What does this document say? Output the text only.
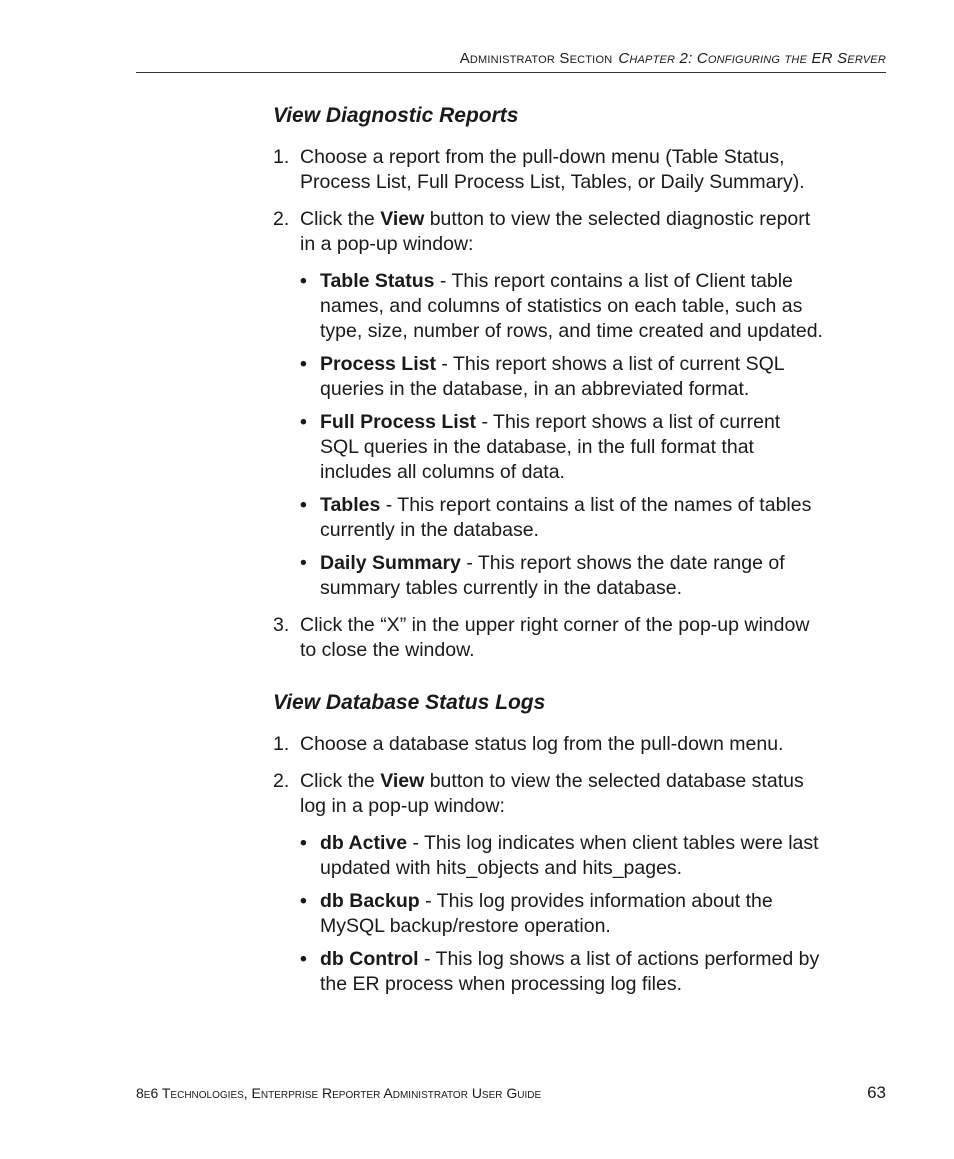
Administrator Section Chapter 2: Configuring the ER Server
View Diagnostic Reports
1. Choose a report from the pull-down menu (Table Status, Process List, Full Process List, Tables, or Daily Summary).
2. Click the View button to view the selected diagnostic report in a pop-up window:
• Table Status - This report contains a list of Client table names, and columns of statistics on each table, such as type, size, number of rows, and time created and updated.
• Process List - This report shows a list of current SQL queries in the database, in an abbreviated format.
• Full Process List - This report shows a list of current SQL queries in the database, in the full format that includes all columns of data.
• Tables - This report contains a list of the names of tables currently in the database.
• Daily Summary - This report shows the date range of summary tables currently in the database.
3. Click the “X” in the upper right corner of the pop-up window to close the window.
View Database Status Logs
1. Choose a database status log from the pull-down menu.
2. Click the View button to view the selected database status log in a pop-up window:
• db Active - This log indicates when client tables were last updated with hits_objects and hits_pages.
• db Backup - This log provides information about the MySQL backup/restore operation.
• db Control - This log shows a list of actions performed by the ER process when processing log files.
8e6 Technologies, Enterprise Reporter Administrator User Guide	63
